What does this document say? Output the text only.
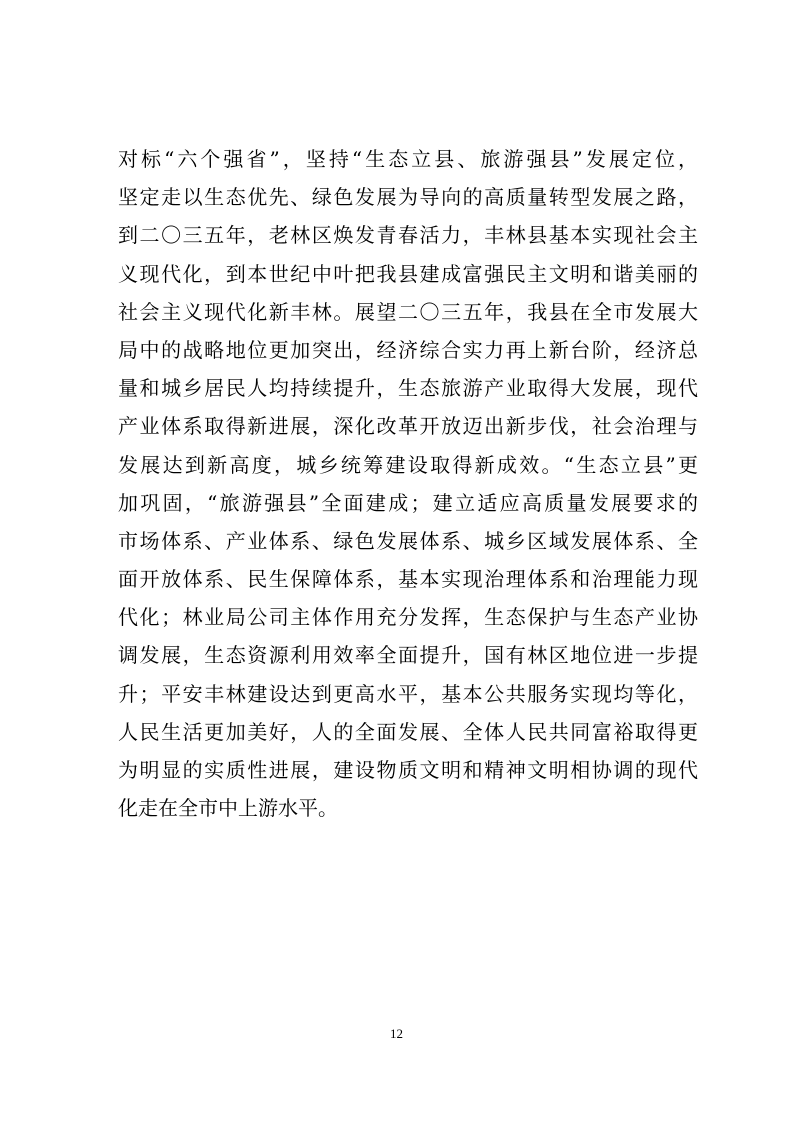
对标“六个强省”，坚持“生态立县、旅游强县”发展定位，
坚定走以生态优先、绿色发展为导向的高质量转型发展之路，
到二〇三五年，老林区焕发青春活力，丰林县基本实现社会主
义现代化，到本世纪中叶把我县建成富强民主文明和谐美丽的
社会主义现代化新丰林。展望二〇三五年，我县在全市发展大
局中的战略地位更加突出，经济综合实力再上新台阶，经济总
量和城乡居民人均持续提升，生态旅游产业取得大发展，现代
产业体系取得新进展，深化改革开放迈出新步伐，社会治理与
发展达到新高度，城乡统筹建设取得新成效。“生态立县”更
加巩固，“旅游强县”全面建成；建立适应高质量发展要求的
市场体系、产业体系、绿色发展体系、城乡区域发展体系、全
面开放体系、民生保障体系，基本实现治理体系和治理能力现
代化；林业局公司主体作用充分发挥，生态保护与生态产业协
调发展，生态资源利用效率全面提升，国有林区地位进一步提
升；平安丰林建设达到更高水平，基本公共服务实现均等化，
人民生活更加美好，人的全面发展、全体人民共同富裕取得更
为明显的实质性进展，建设物质文明和精神文明相协调的现代
化走在全市中上游水平。
12
